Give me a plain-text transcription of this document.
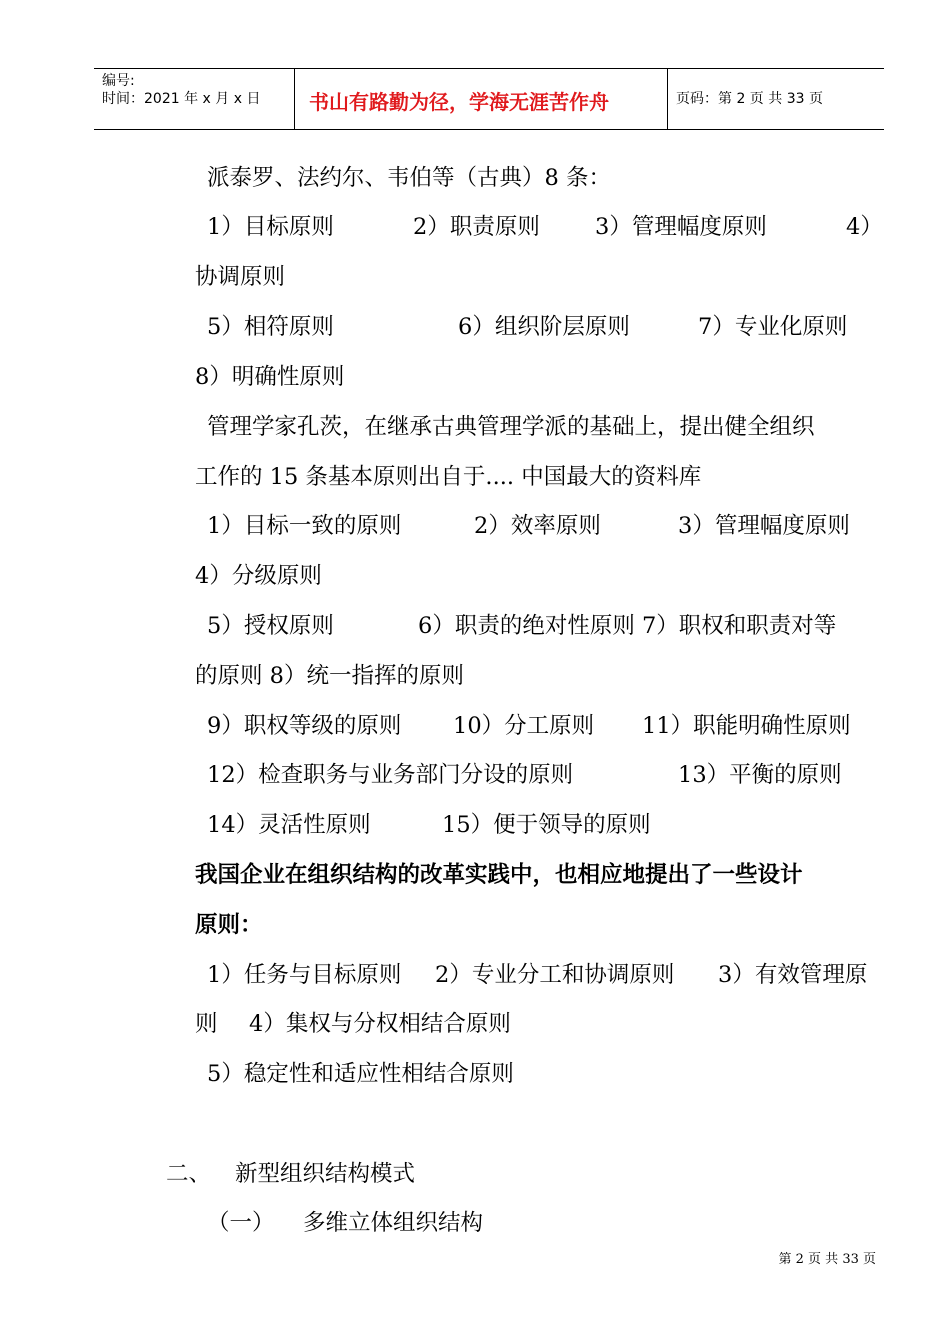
编号:
时间：2021 年 x 月 x 日 书山有路勤为径，学海无涯苦作舟	页码：第 2 页 共 33 页
派泰罗、法约尔、韦伯等（古典）8 条：
1）目标原则	2）职责原则 3）管理幅度原则	4）
协调原则
5）相符原则	6）组织阶层原则	7）专业化原则
8）明确性原则
管理学家孔茨，在继承古典管理学派的基础上，提出健全组织
工作的 15 条基本原则出自于.... 中国最大的资料库
1）目标一致的原则	2）效率原则	3）管理幅度原则
4）分级原则
5）授权原则	6）职责的绝对性原则 7）职权和职责对等
的原则 8）统一指挥的原则
9）职权等级的原则 10）分工原则 11）职能明确性原则
12）检查职务与业务部门分设的原则	13）平衡的原则
14）灵活性原则	15）便于领导的原则
我国企业在组织结构的改革实践中，也相应地提出了一些设计
原则：
1）任务与目标原则 2）专业分工和协调原则 3）有效管理原
则 4）集权与分权相结合原则
5）稳定性和适应性相结合原则
二、 新型组织结构模式
（一） 多维立体组织结构
第 2 页 共 33 页
